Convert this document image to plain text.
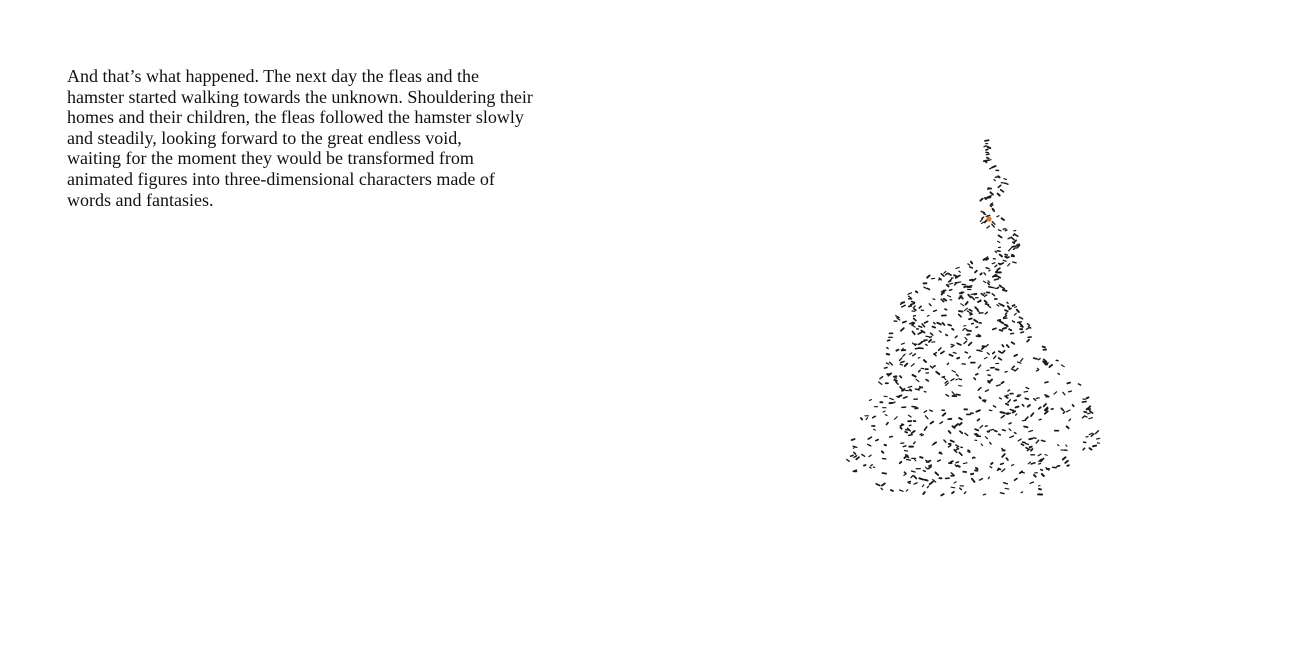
And that’s what happened. The next day the fleas and the
hamster started walking towards the unknown. Shouldering their
homes and their children, the fleas followed the hamster slowly
and steadily, looking forward to the great endless void,
waiting for the moment they would be transformed from
animated figures into three-dimensional characters made of
words and fantasies.
